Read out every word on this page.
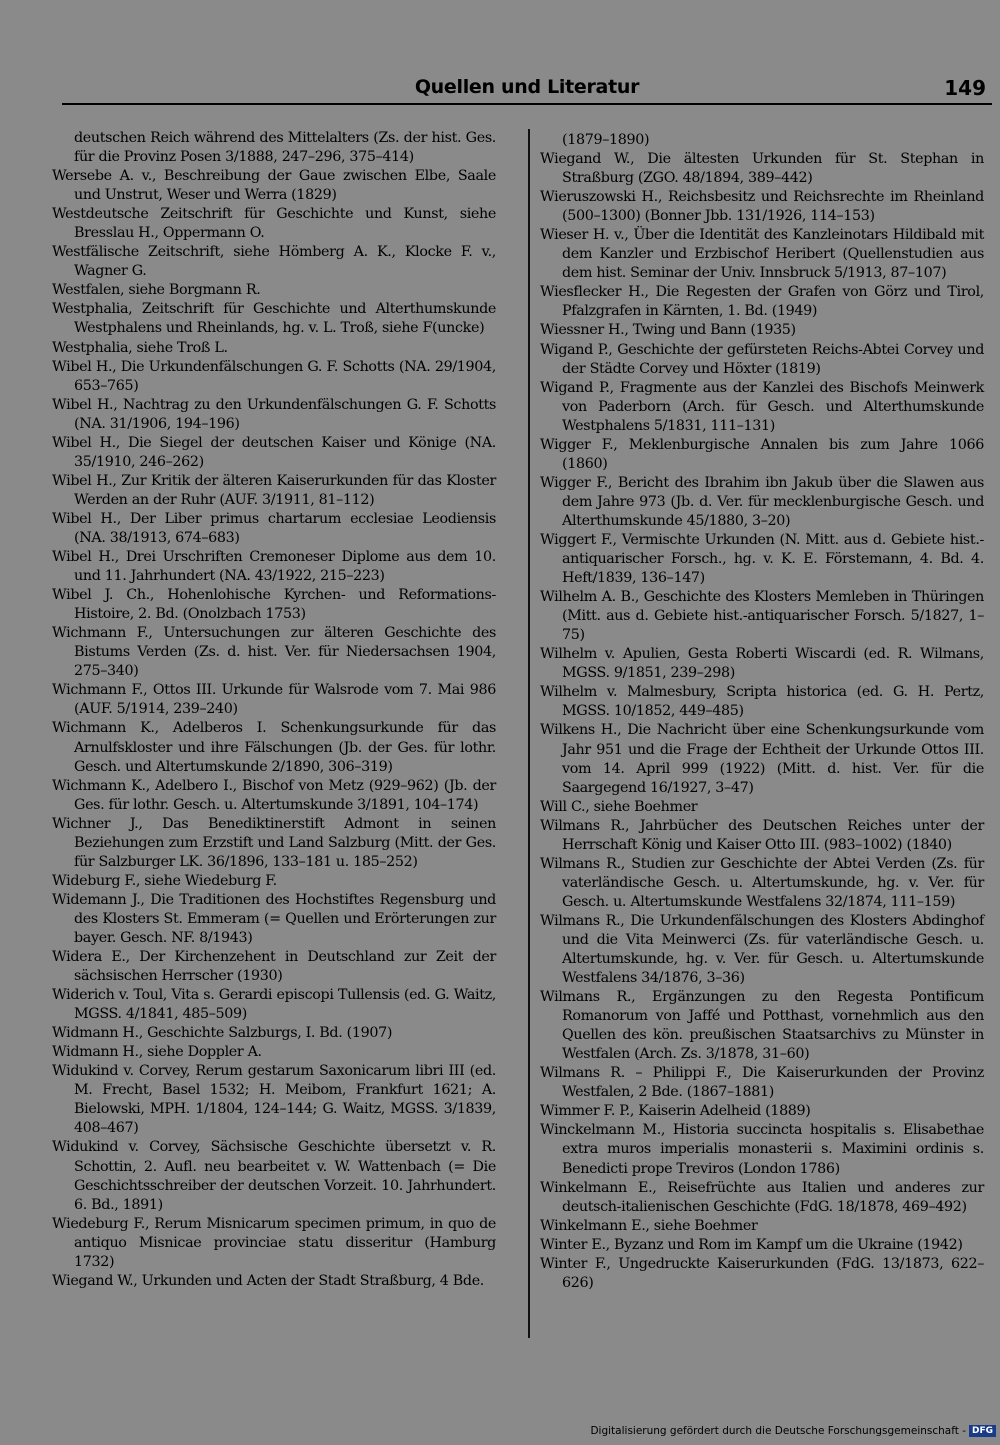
Quellen und Literatur	149

deutschen Reich während des Mittelalters (Zs. der hist. Ges. für die Provinz Posen 3/1888, 247–296, 375–414)

Wersebe A. v., Beschreibung der Gaue zwischen Elbe, Saale und Unstrut, Weser und Werra (1829)

Westdeutsche Zeitschrift für Geschichte und Kunst, siehe Bresslau H., Oppermann O.

Westfälische Zeitschrift, siehe Hömberg A. K., Klocke F. v., Wagner G.

Westfalen, siehe Borgmann R.

Westphalia, Zeitschrift für Geschichte und Alterthumskunde Westphalens und Rheinlands, hg. v. L. Troß, siehe F(uncke)

Westphalia, siehe Troß L.

Wibel H., Die Urkundenfälschungen G. F. Schotts (NA. 29/1904, 653–765)

Wibel H., Nachtrag zu den Urkundenfälschungen G. F. Schotts (NA. 31/1906, 194–196)

Wibel H., Die Siegel der deutschen Kaiser und Könige (NA. 35/1910, 246–262)

Wibel H., Zur Kritik der älteren Kaiserurkunden für das Kloster Werden an der Ruhr (AUF. 3/1911, 81–112)

Wibel H., Der Liber primus chartarum ecclesiae Leodiensis (NA. 38/1913, 674–683)

Wibel H., Drei Urschriften Cremoneser Diplome aus dem 10. und 11. Jahrhundert (NA. 43/1922, 215–223)

Wibel J. Ch., Hohenlohische Kyrchen- und Reformations-Histoire, 2. Bd. (Onolzbach 1753)

Wichmann F., Untersuchungen zur älteren Geschichte des Bistums Verden (Zs. d. hist. Ver. für Niedersachsen 1904, 275–340)

Wichmann F., Ottos III. Urkunde für Walsrode vom 7. Mai 986 (AUF. 5/1914, 239–240)

Wichmann K., Adelberos I. Schenkungsurkunde für das Arnulfskloster und ihre Fälschungen (Jb. der Ges. für lothr. Gesch. und Altertumskunde 2/1890, 306–319)

Wichmann K., Adelbero I., Bischof von Metz (929–962) (Jb. der Ges. für lothr. Gesch. u. Altertumskunde 3/1891, 104–174)

Wichner J., Das Benediktinerstift Admont in seinen Beziehungen zum Erzstift und Land Salzburg (Mitt. der Ges. für Salzburger LK. 36/1896, 133–181 u. 185–252)

Wideburg F., siehe Wiedeburg F.

Widemann J., Die Traditionen des Hochstiftes Regensburg und des Klosters St. Emmeram (= Quellen und Erörterungen zur bayer. Gesch. NF. 8/1943)

Widera E., Der Kirchenzehent in Deutschland zur Zeit der sächsischen Herrscher (1930)

Widerich v. Toul, Vita s. Gerardi episcopi Tullensis (ed. G. Waitz, MGSS. 4/1841, 485–509)

Widmann H., Geschichte Salzburgs, I. Bd. (1907)

Widmann H., siehe Doppler A.

Widukind v. Corvey, Rerum gestarum Saxonicarum libri III (ed. M. Frecht, Basel 1532; H. Meibom, Frankfurt 1621; A. Bielowski, MPH. 1/1804, 124–144; G. Waitz, MGSS. 3/1839, 408–467)

Widukind v. Corvey, Sächsische Geschichte übersetzt v. R. Schottin, 2. Aufl. neu bearbeitet v. W. Wattenbach (= Die Geschichtsschreiber der deutschen Vorzeit. 10. Jahrhundert. 6. Bd., 1891)

Wiedeburg F., Rerum Misnicarum specimen primum, in quo de antiquo Misnicae provinciae statu disseritur (Hamburg 1732)

Wiegand W., Urkunden und Acten der Stadt Straßburg, 4 Bde.

(1879–1890)

Wiegand W., Die ältesten Urkunden für St. Stephan in Straßburg (ZGO. 48/1894, 389–442)

Wieruszowski H., Reichsbesitz und Reichsrechte im Rheinland (500–1300) (Bonner Jbb. 131/1926, 114–153)

Wieser H. v., Über die Identität des Kanzleinotars Hildibald mit dem Kanzler und Erzbischof Heribert (Quellenstudien aus dem hist. Seminar der Univ. Innsbruck 5/1913, 87–107)

Wiesflecker H., Die Regesten der Grafen von Görz und Tirol, Pfalzgrafen in Kärnten, 1. Bd. (1949)

Wiessner H., Twing und Bann (1935)

Wigand P., Geschichte der gefürsteten Reichs-Abtei Corvey und der Städte Corvey und Höxter (1819)

Wigand P., Fragmente aus der Kanzlei des Bischofs Meinwerk von Paderborn (Arch. für Gesch. und Alterthumskunde Westphalens 5/1831, 111–131)

Wigger F., Meklenburgische Annalen bis zum Jahre 1066 (1860)

Wigger F., Bericht des Ibrahim ibn Jakub über die Slawen aus dem Jahre 973 (Jb. d. Ver. für mecklenburgische Gesch. und Alterthumskunde 45/1880, 3–20)

Wiggert F., Vermischte Urkunden (N. Mitt. aus d. Gebiete hist.-antiquarischer Forsch., hg. v. K. E. Förstemann, 4. Bd. 4. Heft/1839, 136–147)

Wilhelm A. B., Geschichte des Klosters Memleben in Thüringen (Mitt. aus d. Gebiete hist.-antiquarischer Forsch. 5/1827, 1–75)

Wilhelm v. Apulien, Gesta Roberti Wiscardi (ed. R. Wilmans, MGSS. 9/1851, 239–298)

Wilhelm v. Malmesbury, Scripta historica (ed. G. H. Pertz, MGSS. 10/1852, 449–485)

Wilkens H., Die Nachricht über eine Schenkungsurkunde vom Jahr 951 und die Frage der Echtheit der Urkunde Ottos III. vom 14. April 999 (1922) (Mitt. d. hist. Ver. für die Saargegend 16/1927, 3–47)

Will C., siehe Boehmer

Wilmans R., Jahrbücher des Deutschen Reiches unter der Herrschaft König und Kaiser Otto III. (983–1002) (1840)

Wilmans R., Studien zur Geschichte der Abtei Verden (Zs. für vaterländische Gesch. u. Altertumskunde, hg. v. Ver. für Gesch. u. Altertumskunde Westfalens 32/1874, 111–159)

Wilmans R., Die Urkundenfälschungen des Klosters Abdinghof und die Vita Meinwerci (Zs. für vaterländische Gesch. u. Altertumskunde, hg. v. Ver. für Gesch. u. Altertumskunde Westfalens 34/1876, 3–36)

Wilmans R., Ergänzungen zu den Regesta Pontificum Romanorum von Jaffé und Potthast, vornehmlich aus den Quellen des kön. preußischen Staatsarchivs zu Münster in Westfalen (Arch. Zs. 3/1878, 31–60)

Wilmans R. – Philippi F., Die Kaiserurkunden der Provinz Westfalen, 2 Bde. (1867–1881)

Wimmer F. P., Kaiserin Adelheid (1889)

Winckelmann M., Historia succincta hospitalis s. Elisabethae extra muros imperialis monasterii s. Maximini ordinis s. Benedicti prope Treviros (London 1786)

Winkelmann E., Reisefrüchte aus Italien und anderes zur deutsch-italienischen Geschichte (FdG. 18/1878, 469–492)

Winkelmann E., siehe Boehmer

Winter E., Byzanz und Rom im Kampf um die Ukraine (1942)

Winter F., Ungedruckte Kaiserurkunden (FdG. 13/1873, 622–626)

Digitalisierung gefördert durch die Deutsche Forschungsgemeinschaft - DFG
